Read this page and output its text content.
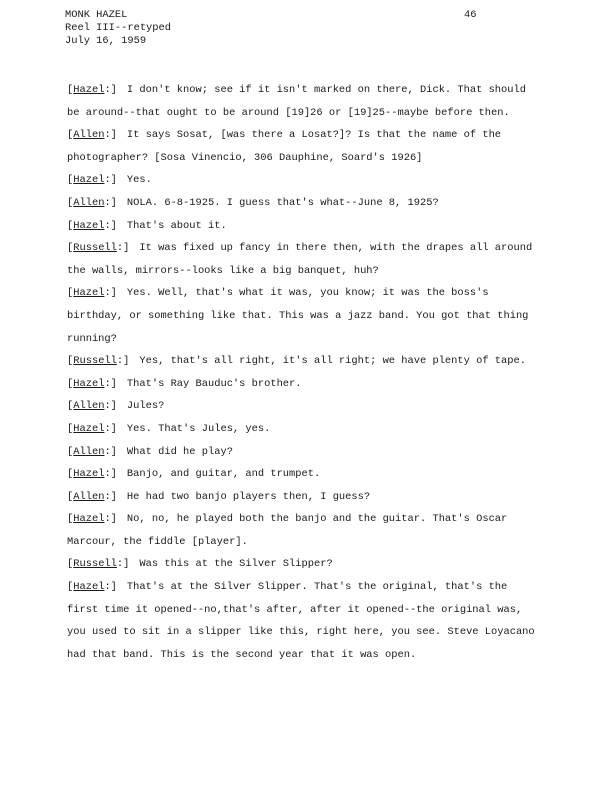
MONK HAZEL
Reel III--retyped
July 16, 1959
46
[Hazel:] I don't know; see if it isn't marked on there, Dick. That should be around--that ought to be around [19]26 or [19]25--maybe before then.
[Allen:] It says Sosat, [was there a Losat?]? Is that the name of the photographer? [Sosa Vinencio, 306 Dauphine, Soard's 1926]
[Hazel:] Yes.
[Allen:] NOLA. 6-8-1925. I guess that's what--June 8, 1925?
[Hazel:] That's about it.
[Russell:] It was fixed up fancy in there then, with the drapes all around the walls, mirrors--looks like a big banquet, huh?
[Hazel:] Yes. Well, that's what it was, you know; it was the boss's birthday, or something like that. This was a jazz band. You got that thing running?
[Russell:] Yes, that's all right, it's all right; we have plenty of tape.
[Hazel:] That's Ray Bauduc's brother.
[Allen:] Jules?
[Hazel:] Yes. That's Jules, yes.
[Allen:] What did he play?
[Hazel:] Banjo, and guitar, and trumpet.
[Allen:] He had two banjo players then, I guess?
[Hazel:] No, no, he played both the banjo and the guitar. That's Oscar Marcour, the fiddle [player].
[Russell:] Was this at the Silver Slipper?
[Hazel:] That's at the Silver Slipper. That's the original, that's the first time it opened--no,that's after, after it opened--the original was, you used to sit in a slipper like this, right here, you see. Steve Loyacano had that band. This is the second year that it was open.
